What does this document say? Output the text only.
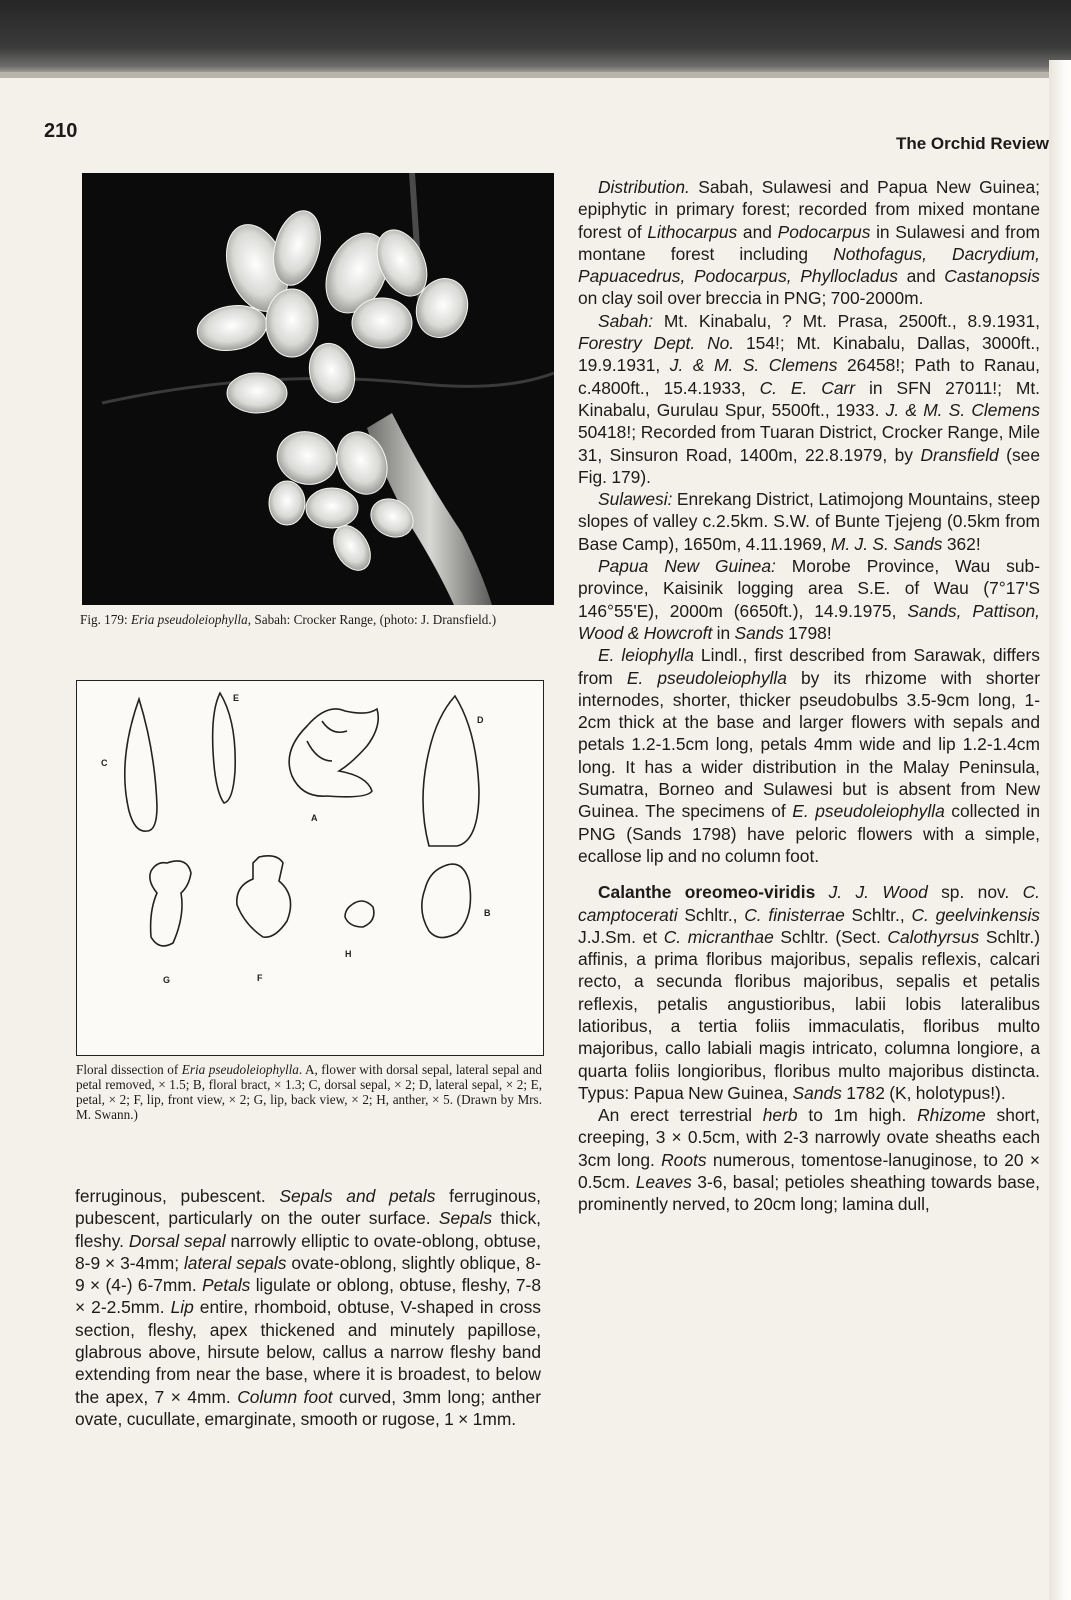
210
The Orchid Review
Fig. 179: Eria pseudoleiophylla, Sabah: Crocker Range, (photo: J. Dransfield.)
A
B
C
D
E
F
G
H
Floral dissection of Eria pseudoleiophylla. A, flower with dorsal sepal, lateral sepal and petal removed, × 1.5; B, floral bract, × 1.3; C, dorsal sepal, × 2; D, lateral sepal, × 2; E, petal, × 2; F, lip, front view, × 2; G, lip, back view, × 2; H, anther, × 5. (Drawn by Mrs. M. Swann.)

Distribution. Sabah, Sulawesi and Papua New Guinea; epiphytic in primary forest; recorded from mixed montane forest of Lithocarpus and Podocarpus in Sulawesi and from montane forest including Nothofagus, Dacrydium, Papuacedrus, Podocarpus, Phyllocladus and Castanopsis on clay soil over breccia in PNG; 700-2000m.

Sabah: Mt. Kinabalu, ? Mt. Prasa, 2500ft., 8.9.1931, Forestry Dept. No. 154!; Mt. Kinabalu, Dallas, 3000ft., 19.9.1931, J. & M. S. Clemens 26458!; Path to Ranau, c.4800ft., 15.4.1933, C. E. Carr in SFN 27011!; Mt. Kinabalu, Gurulau Spur, 5500ft., 1933. J. & M. S. Clemens 50418!; Recorded from Tuaran District, Crocker Range, Mile 31, Sinsuron Road, 1400m, 22.8.1979, by Dransfield (see Fig. 179).

Sulawesi: Enrekang District, Latimojong Mountains, steep slopes of valley c.2.5km. S.W. of Bunte Tjejeng (0.5km from Base Camp), 1650m, 4.11.1969, M. J. S. Sands 362!

Papua New Guinea: Morobe Province, Wau sub-province, Kaisinik logging area S.E. of Wau (7°17'S 146°55'E), 2000m (6650ft.), 14.9.1975, Sands, Pattison, Wood & Howcroft in Sands 1798!

E. leiophylla Lindl., first described from Sarawak, differs from E. pseudoleiophylla by its rhizome with shorter internodes, shorter, thicker pseudobulbs 3.5-9cm long, 1-2cm thick at the base and larger flowers with sepals and petals 1.2-1.5cm long, petals 4mm wide and lip 1.2-1.4cm long. It has a wider distribution in the Malay Peninsula, Sumatra, Borneo and Sulawesi but is absent from New Guinea. The specimens of E. pseudoleiophylla collected in PNG (Sands 1798) have peloric flowers with a simple, ecallose lip and no column foot.

Calanthe oreomeo-viridis J. J. Wood sp. nov. C. camptocerati Schltr., C. finisterrae Schltr., C. geelvinkensis J.J.Sm. et C. micranthae Schltr. (Sect. Calothyrsus Schltr.) affinis, a prima floribus majoribus, sepalis reflexis, calcari recto, a secunda floribus majoribus, sepalis et petalis reflexis, petalis angustioribus, labii lobis lateralibus latioribus, a tertia foliis immaculatis, floribus multo majoribus, callo labiali magis intricato, columna longiore, a quarta foliis longioribus, floribus multo majoribus distincta. Typus: Papua New Guinea, Sands 1782 (K, holotypus!).

An erect terrestrial herb to 1m high. Rhizome short, creeping, 3 × 0.5cm, with 2-3 narrowly ovate sheaths each 3cm long. Roots numerous, tomentose-lanuginose, to 20 × 0.5cm. Leaves 3-6, basal; petioles sheathing towards base, prominently nerved, to 20cm long; lamina dull,

ferruginous, pubescent. Sepals and petals ferruginous, pubescent, particularly on the outer surface. Sepals thick, fleshy. Dorsal sepal narrowly elliptic to ovate-oblong, obtuse, 8-9 × 3-4mm; lateral sepals ovate-oblong, slightly oblique, 8-9 × (4-) 6-7mm. Petals ligulate or oblong, obtuse, fleshy, 7-8 × 2-2.5mm. Lip entire, rhomboid, obtuse, V-shaped in cross section, fleshy, apex thickened and minutely papillose, glabrous above, hirsute below, callus a narrow fleshy band extending from near the base, where it is broadest, to below the apex, 7 × 4mm. Column foot curved, 3mm long; anther ovate, cucullate, emarginate, smooth or rugose, 1 × 1mm.
